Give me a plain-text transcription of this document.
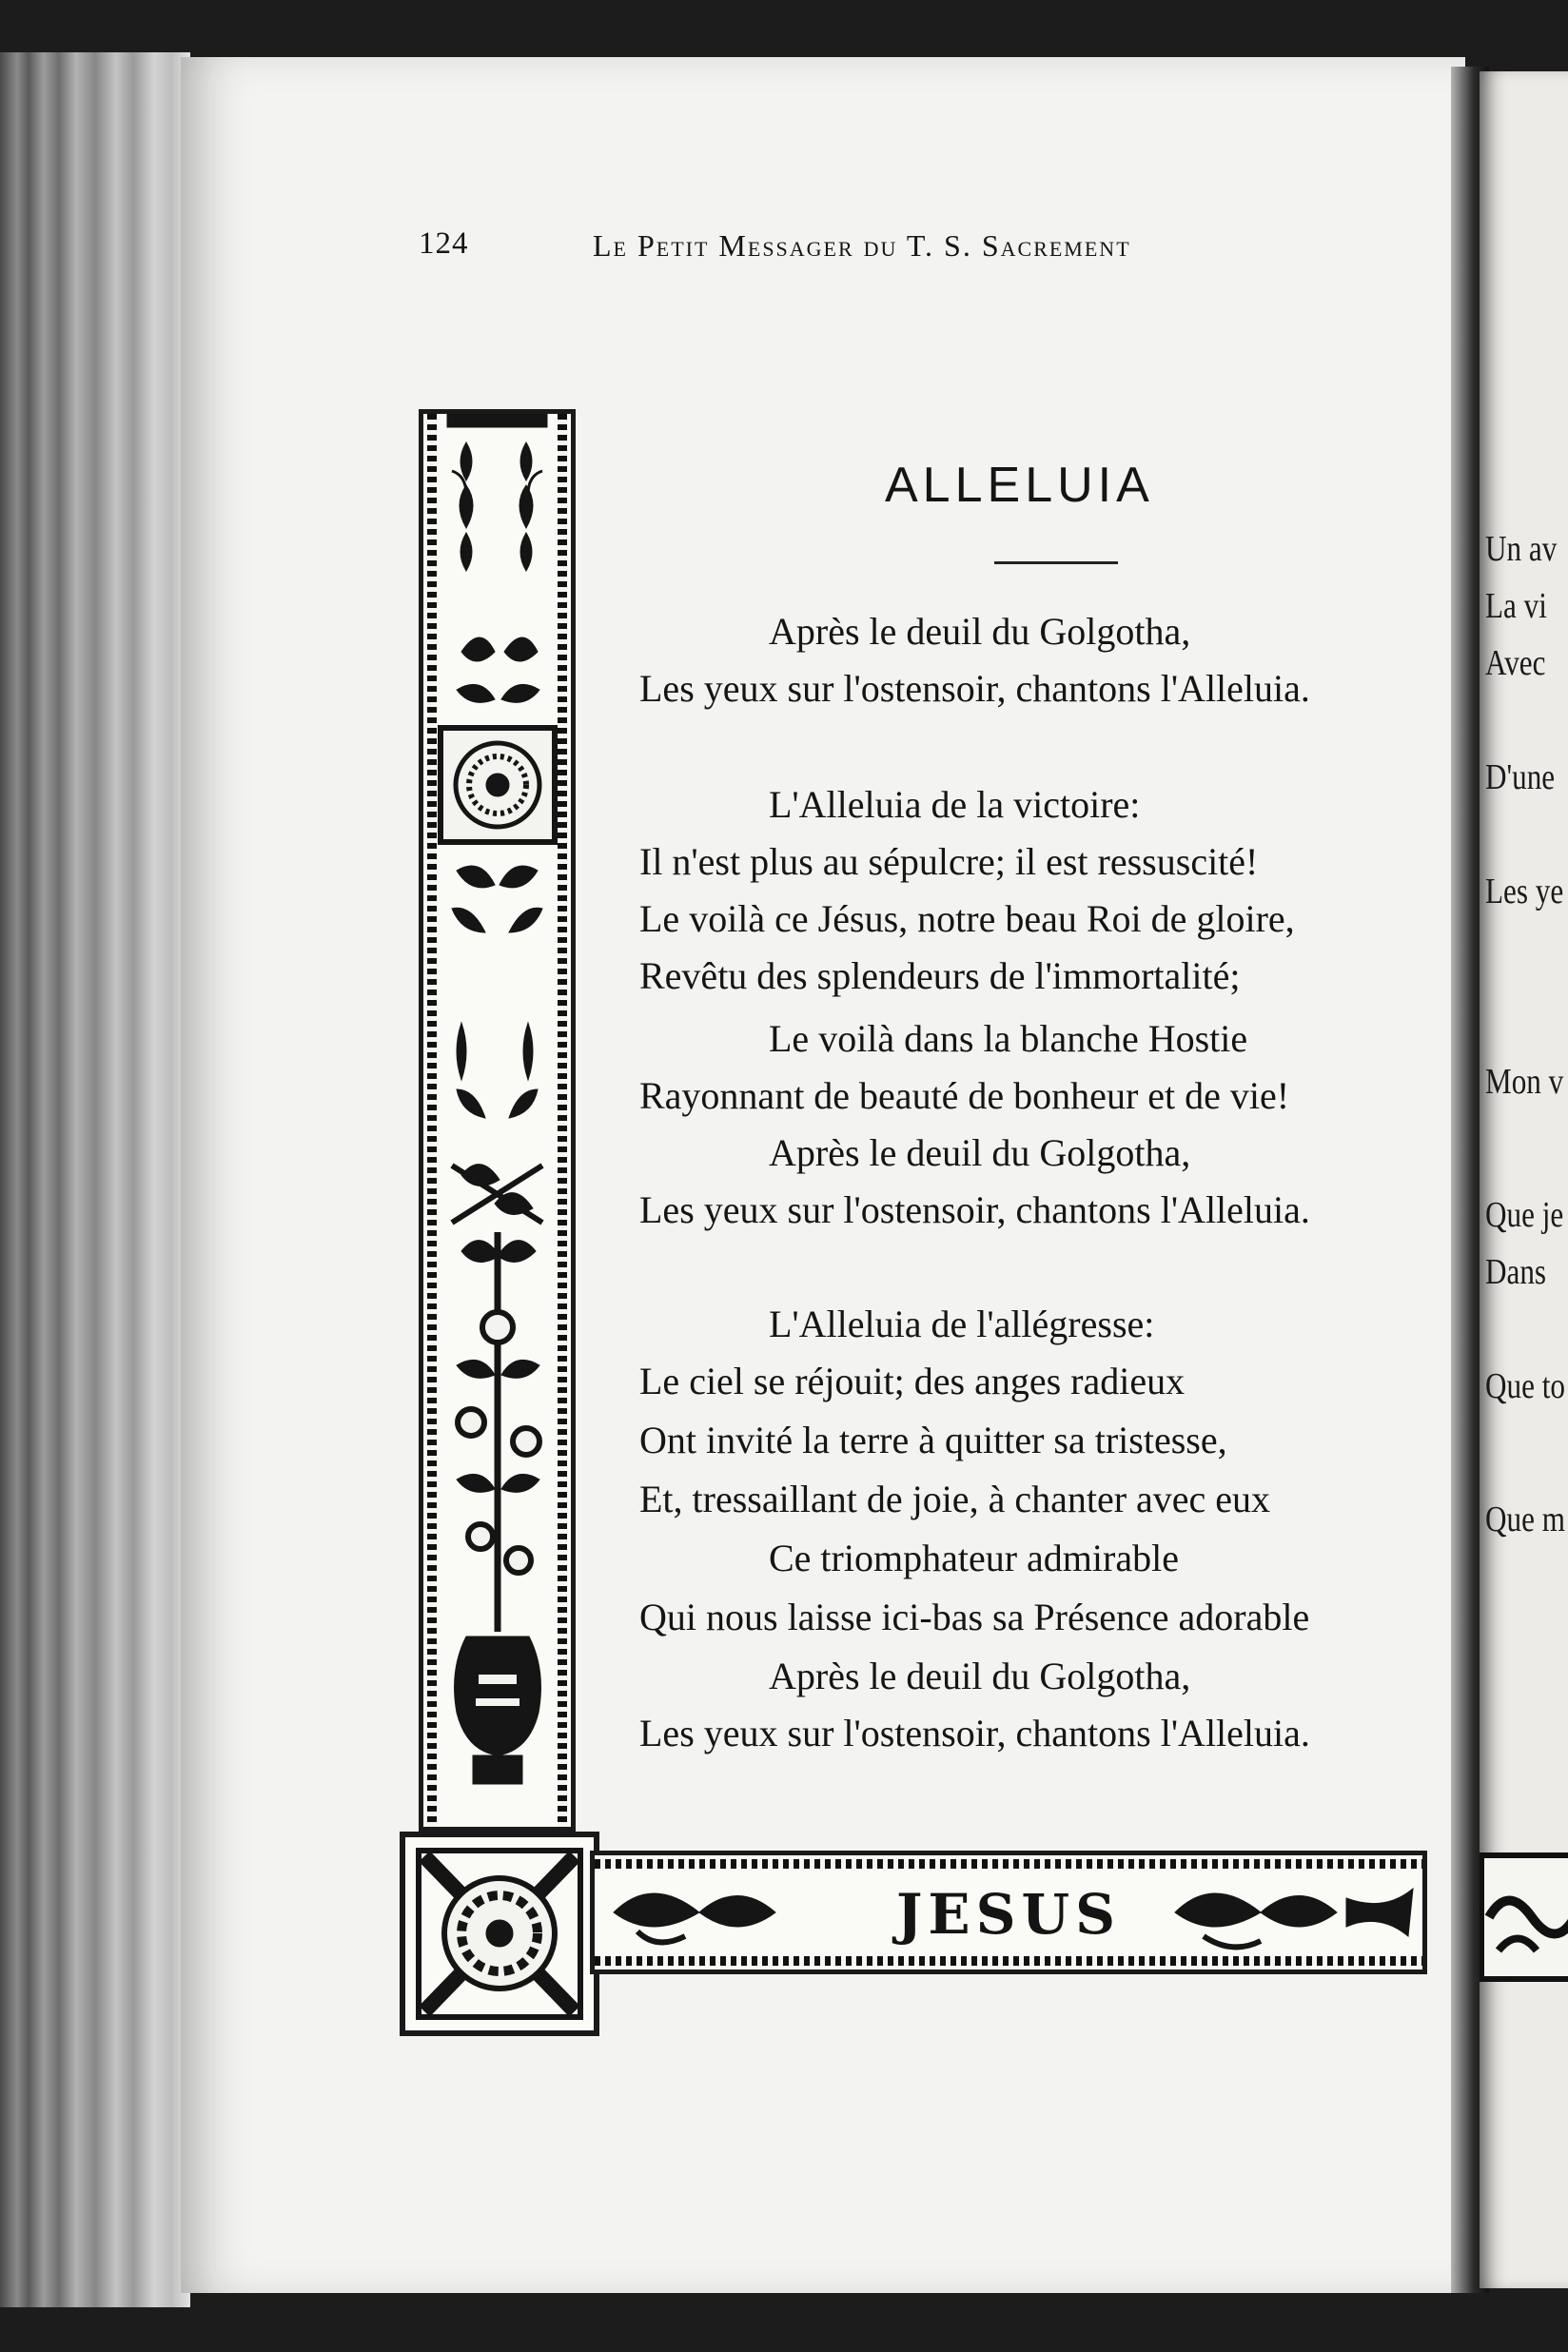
Un av
La vi
Avec
D'une
Les ye
Mon v
Que je
Dans
Que to
Que m
124	Le Petit Messager du T. S. Sacrement
JESUS
ALLELUIA
Après le deuil du Golgotha,
Les yeux sur l'ostensoir, chantons l'Alleluia.
L'Alleluia de la victoire:
Il n'est plus au sépulcre; il est ressuscité!
Le voilà ce Jésus, notre beau Roi de gloire,
Revêtu des splendeurs de l'immortalité;
Le voilà dans la blanche Hostie
Rayonnant de beauté de bonheur et de vie!
Après le deuil du Golgotha,
Les yeux sur l'ostensoir, chantons l'Alleluia.
L'Alleluia de l'allégresse:
Le ciel se réjouit; des anges radieux
Ont invité la terre à quitter sa tristesse,
Et, tressaillant de joie, à chanter avec eux
Ce triomphateur admirable
Qui nous laisse ici-bas sa Présence adorable
Après le deuil du Golgotha,
Les yeux sur l'ostensoir, chantons l'Alleluia.
